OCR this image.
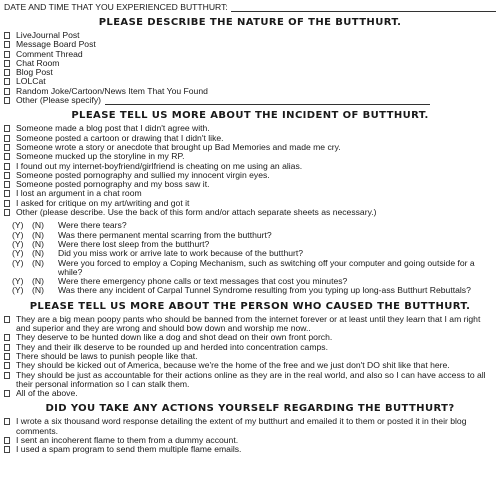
DATE AND TIME THAT YOU EXPERIENCED BUTTHURT:
PLEASE DESCRIBE THE NATURE OF THE BUTTHURT.
LiveJournal Post
Message Board Post
Comment Thread
Chat Room
Blog Post
LOLCat
Random Joke/Cartoon/News Item That You Found
Other (Please specify)
PLEASE TELL US MORE ABOUT THE INCIDENT OF BUTTHURT.
Someone made a blog post that I didn't agree with.
Someone posted a cartoon or drawing that I didn't like.
Someone wrote a story or anecdote that brought up Bad Memories and made me cry.
Someone mucked up the storyline in my RP.
I found out my internet-boyfriend/girlfriend is cheating on me using an alias.
Someone posted pornography and sullied my innocent virgin eyes.
Someone posted pornography and my boss saw it.
I lost an argument in a chat room
I asked for critique on my art/writing and got it
Other (please describe. Use the back of this form and/or attach separate sheets as necessary.)
(Y) (N)	Were there tears?
(Y) (N)	Was there permanent mental scarring from the butthurt?
(Y) (N)	Were there lost sleep from the butthurt?
(Y) (N)	Did you miss work or arrive late to work because of the butthurt?
(Y) (N)	Were you forced to employ a Coping Mechanism, such as switching off your computer and going outside for a while?
(Y) (N)	Were there emergency phone calls or text messages that cost you minutes?
(Y) (N)	Was there any incident of Carpal Tunnel Syndrome resulting from you typing up long-ass Butthurt Rebuttals?
PLEASE TELL US MORE ABOUT THE PERSON WHO CAUSED THE BUTTHURT.
They are a big mean poopy pants who should be banned from the internet forever or at least until they learn that I am right and superior and they are wrong and should bow down and worship me now..
They deserve to be hunted down like a dog and shot dead on their own front porch.
They and their ilk deserve to be rounded up and herded into concentration camps.
There should be laws to punish people like that.
They should be kicked out of America, because we're the home of the free and we just don't DO shit like that here.
They should be just as accountable for their actions online as they are in the real world, and also so I can have access to all their personal information so I can stalk them.
All of the above.
DID YOU TAKE ANY ACTIONS YOURSELF REGARDING THE BUTTHURT?
I wrote a six thousand word response detailing the extent of my butthurt and emailed it to them or posted it in their blog comments.
I sent an incoherent flame to them from a dummy account.
I used a spam program to send them multiple flame emails.
